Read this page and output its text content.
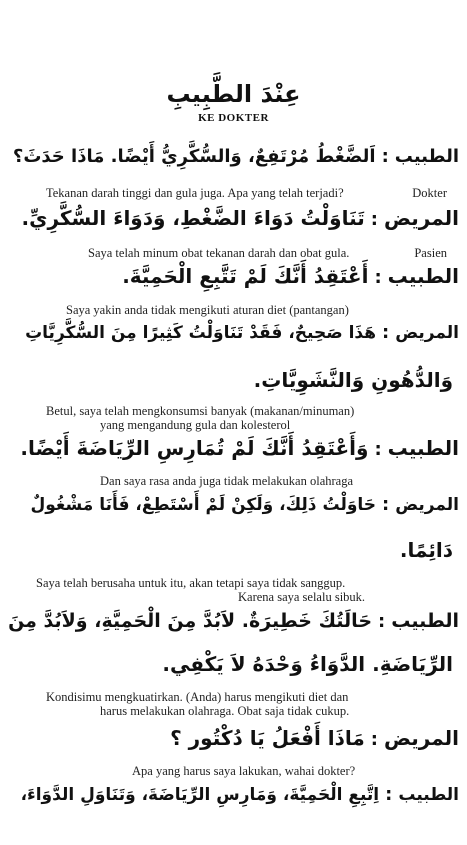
عِنْدَ الطَّبِيبِ
KE DOKTER
الطبيب:اَلضَّغْطُ مُرْتَفِعٌ، وَالسُّكَّرِيُّ أَيْضًا. مَاذَا حَدَثَ؟
Tekanan darah tinggi dan gula juga. Apa yang telah terjadi?	Dokter
المريض:تَنَاوَلْتُ دَوَاءَ الضَّغْطِ، وَدَوَاءَ السُّكَّرِيِّ.
Saya telah minum obat tekanan darah dan obat gula.	Pasien
الطبيب:أَعْتَقِدُ أَنَّكَ لَمْ تَتَّبِعِ الْحَمِيَّةَ.
Saya yakin anda tidak mengikuti aturan diet (pantangan)
المريض:هَذَا صَحِيحٌ، فَقَدْ تَنَاوَلْتُ كَثِيرًا مِنَ السُّكَّرِيَّاتِ
وَالدُّهُونِ وَالنَّشَوِيَّاتِ.
Betul, saya telah mengkonsumsi banyak (makanan/minuman)
yang mengandung gula dan kolesterol
الطبيب:وَأَعْتَقِدُ أَنَّكَ لَمْ تُمَارِسِ الرِّيَاضَةَ أَيْضًا.
Dan saya rasa anda juga tidak melakukan olahraga
المريض:حَاوَلْتُ ذَلِكَ، وَلَكِنْ لَمْ أَسْتَطِعْ، فَأَنَا مَشْغُولٌ
دَائِمًا.
Saya telah berusaha untuk itu, akan tetapi saya tidak sanggup.
Karena saya selalu sibuk.
الطبيب:حَالَتُكَ خَطِيرَةٌ. لاَبُدَّ مِنَ الْحَمِيَّةِ، وَلاَبُدَّ مِنَ
الرِّيَاضَةِ. الدَّوَاءُ وَحْدَهُ لاَ يَكْفِي.
Kondisimu mengkuatirkan. (Anda) harus mengikuti diet dan
harus melakukan olahraga. Obat saja tidak cukup.
المريض:مَاذَا أَفْعَلُ يَا دُكْتُور ؟
Apa yang harus saya lakukan, wahai dokter?
الطبيب:اِتَّبِعِ الْحَمِيَّةَ، وَمَارِسِ الرِّيَاضَةَ، وَتَنَاوَلِ الدَّوَاءَ،
